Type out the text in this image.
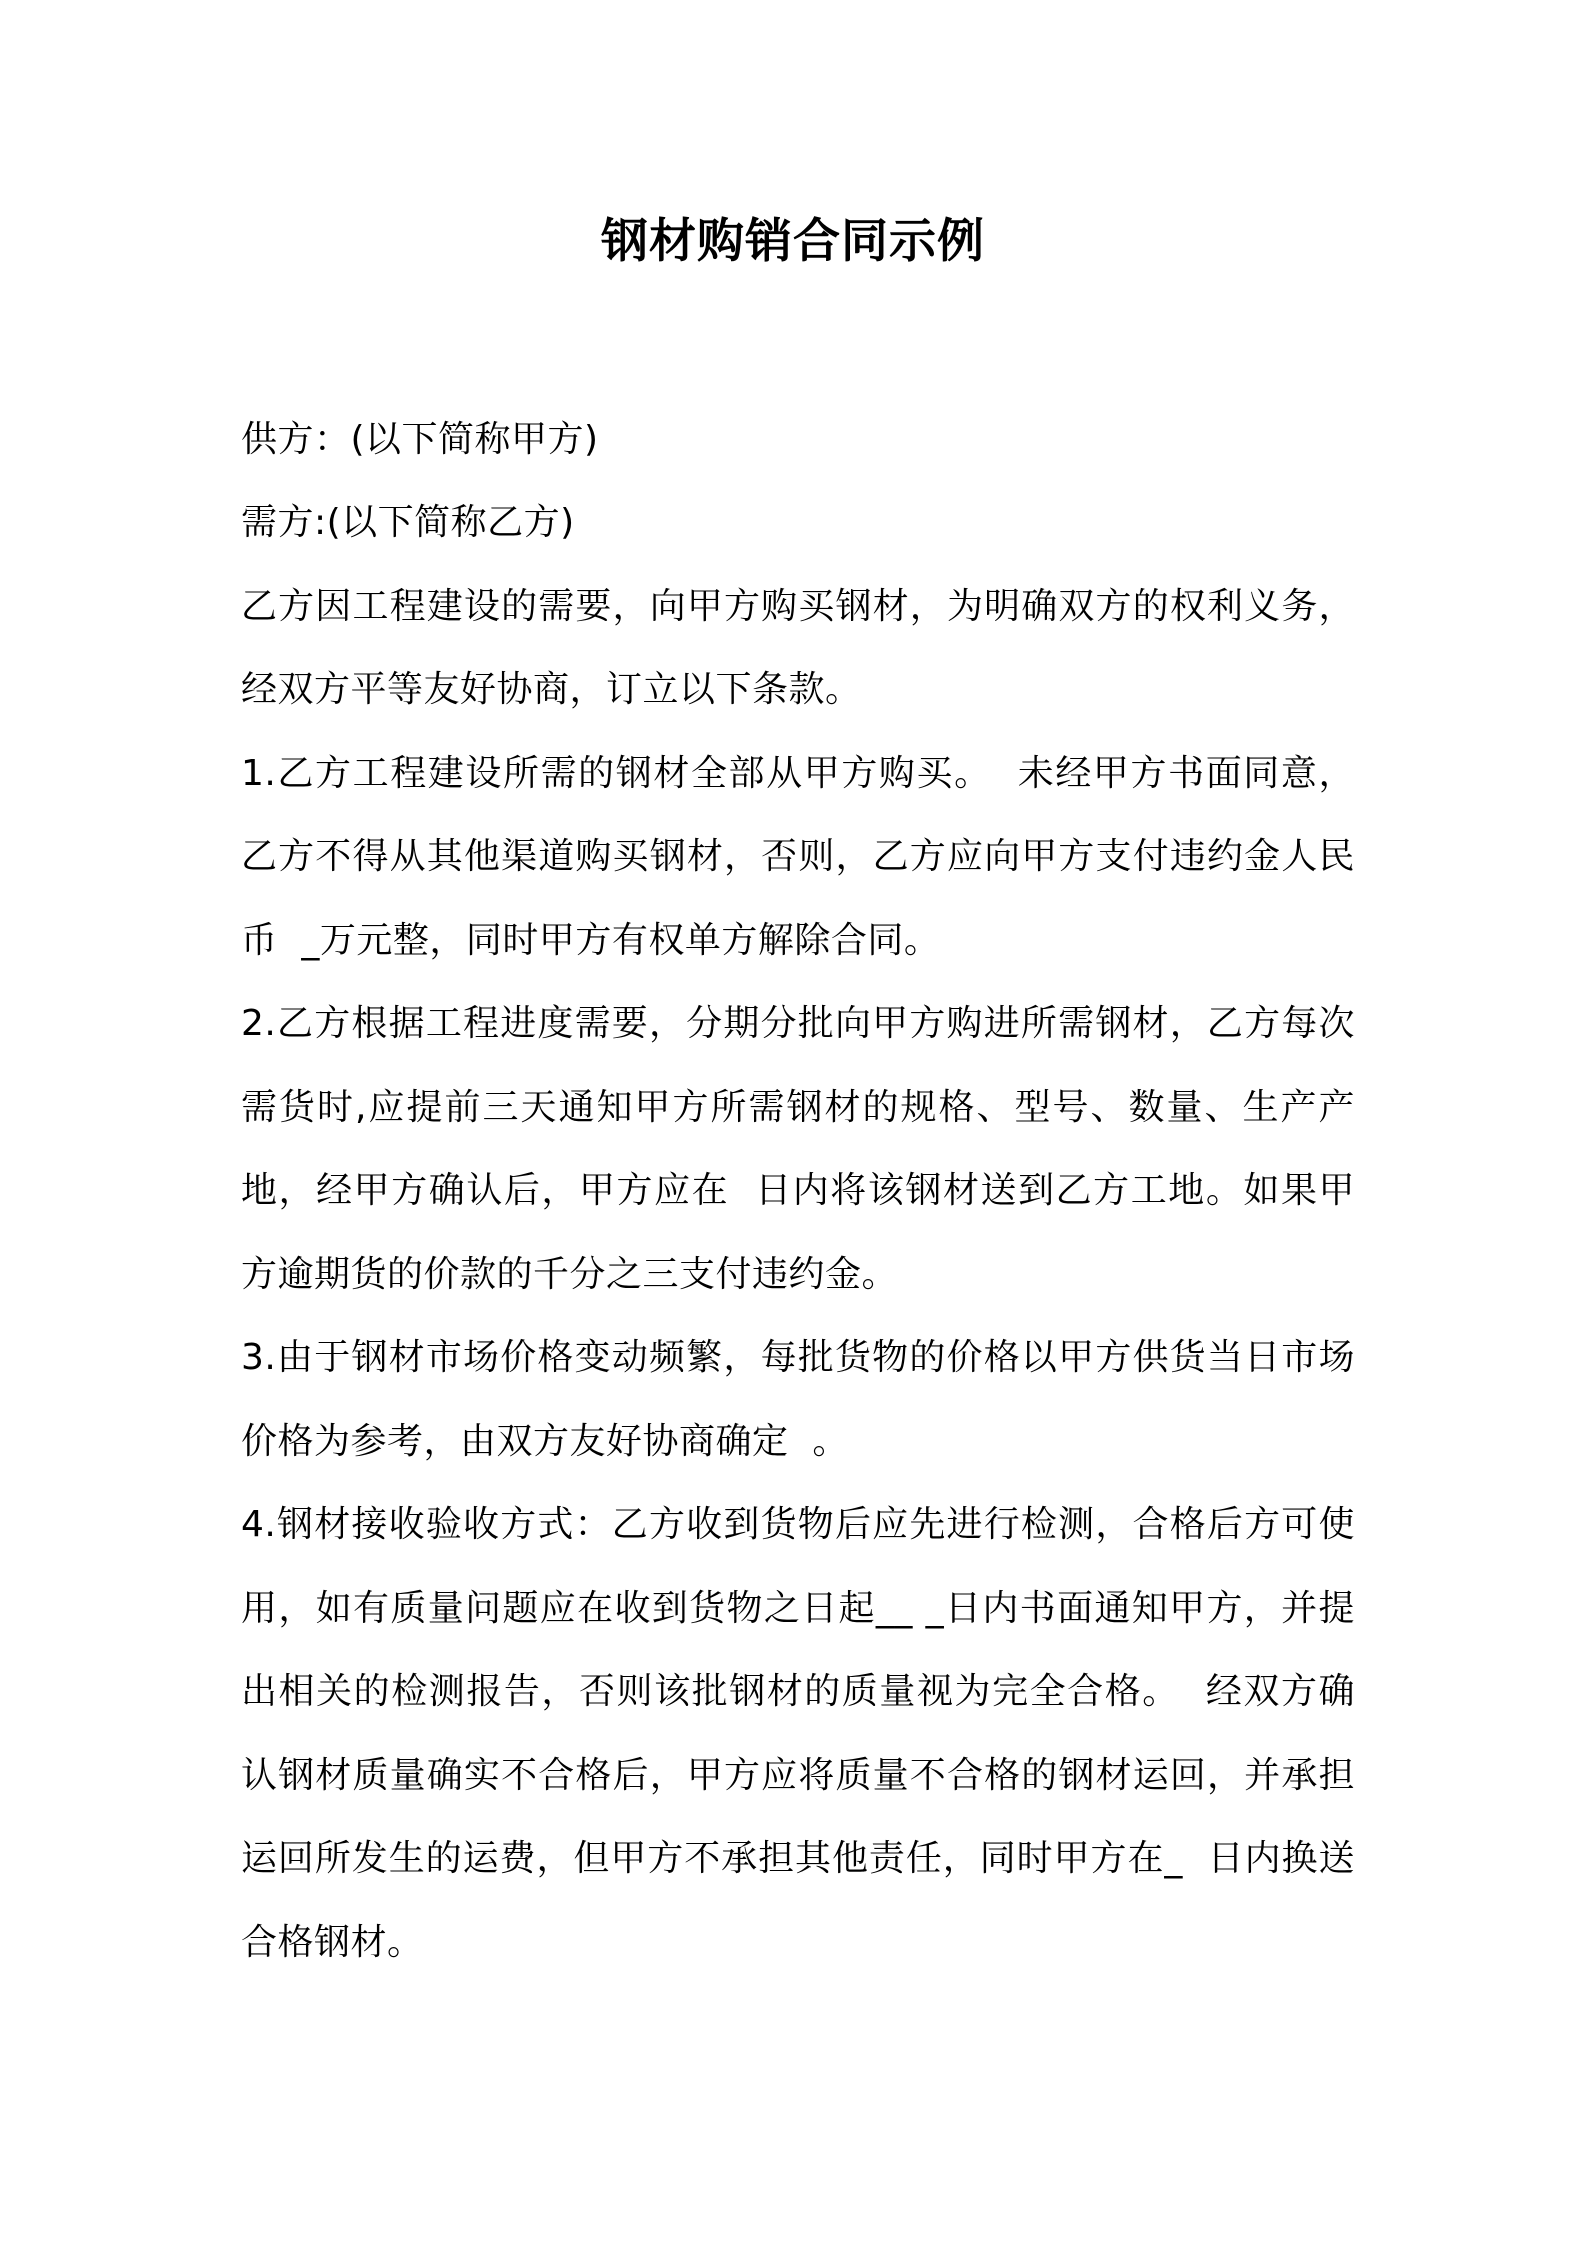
钢材购销合同示例
供方：(以下简称甲方)
需方:(以下简称乙方)
乙方因工程建设的需要，向甲方购买钢材，为明确双方的权利义务，
经双方平等友好协商，订立以下条款。
1.乙方工程建设所需的钢材全部从甲方购买。  未经甲方书面同意，
乙方不得从其他渠道购买钢材，否则，乙方应向甲方支付违约金人民
币  _万元整，同时甲方有权单方解除合同。
2.乙方根据工程进度需要，分期分批向甲方购进所需钢材，乙方每次
需货时,应提前三天通知甲方所需钢材的规格、型号、数量、生产产
地，经甲方确认后，甲方应在  日内将该钢材送到乙方工地。如果甲
方逾期货的价款的千分之三支付违约金。
3.由于钢材市场价格变动频繁，每批货物的价格以甲方供货当日市场
价格为参考，由双方友好协商确定  。
4.钢材接收验收方式：乙方收到货物后应先进行检测，合格后方可使
用，如有质量问题应在收到货物之日起__ _日内书面通知甲方，并提
出相关的检测报告，否则该批钢材的质量视为完全合格。  经双方确
认钢材质量确实不合格后，甲方应将质量不合格的钢材运回，并承担
运回所发生的运费，但甲方不承担其他责任，同时甲方在_  日内换送
合格钢材。
